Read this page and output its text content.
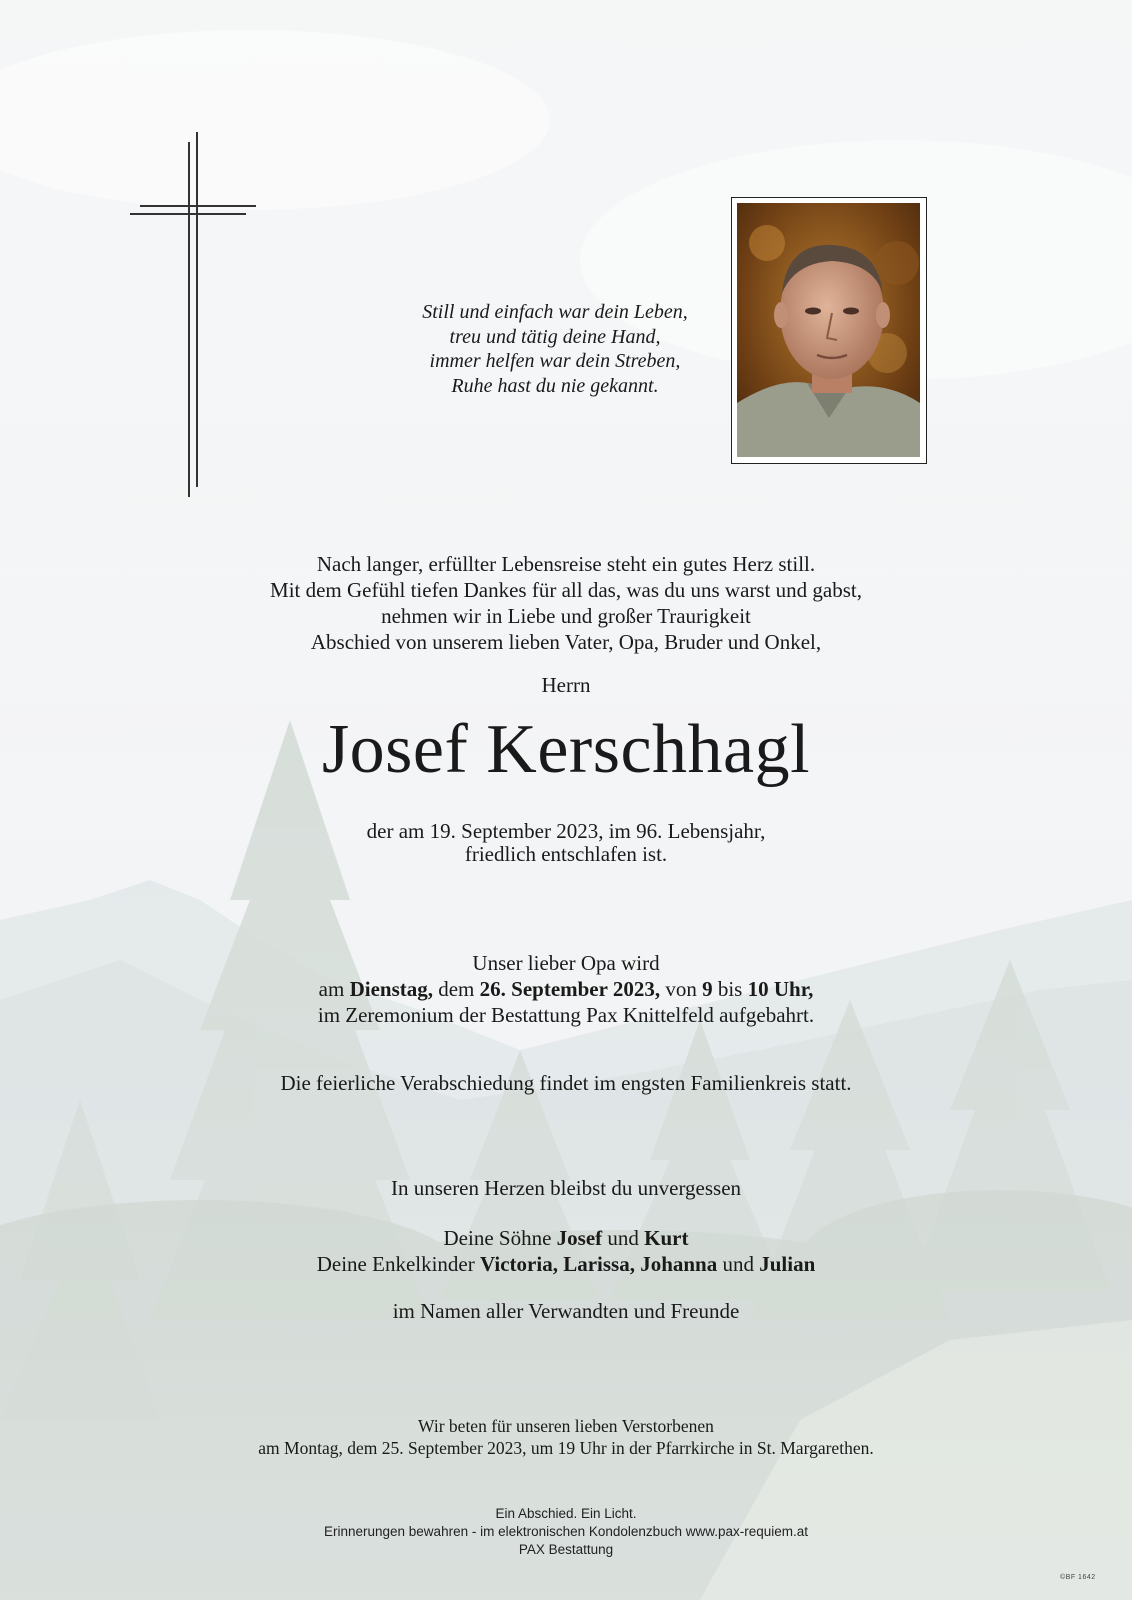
Still und einfach war dein Leben,
treu und tätig deine Hand,
immer helfen war dein Streben,
Ruhe hast du nie gekannt.
Nach langer, erfüllter Lebensreise steht ein gutes Herz still.
Mit dem Gefühl tiefen Dankes für all das, was du uns warst und gabst,
nehmen wir in Liebe und großer Traurigkeit
Abschied von unserem lieben Vater, Opa, Bruder und Onkel,
Herrn
Josef Kerschhagl
der am 19. September 2023, im 96. Lebensjahr,
friedlich entschlafen ist.
Unser lieber Opa wird
am Dienstag, dem 26. September 2023, von 9 bis 10 Uhr,
im Zeremonium der Bestattung Pax Knittelfeld aufgebahrt.
Die feierliche Verabschiedung findet im engsten Familienkreis statt.
In unseren Herzen bleibst du unvergessen
Deine Söhne Josef und Kurt
Deine Enkelkinder Victoria, Larissa, Johanna und Julian
im Namen aller Verwandten und Freunde
Wir beten für unseren lieben Verstorbenen
am Montag, dem 25. September 2023, um 19 Uhr in der Pfarrkirche in St. Margarethen.
Ein Abschied. Ein Licht.
Erinnerungen bewahren - im elektronischen Kondolenzbuch www.pax-requiem.at
PAX Bestattung
©BF 1642
